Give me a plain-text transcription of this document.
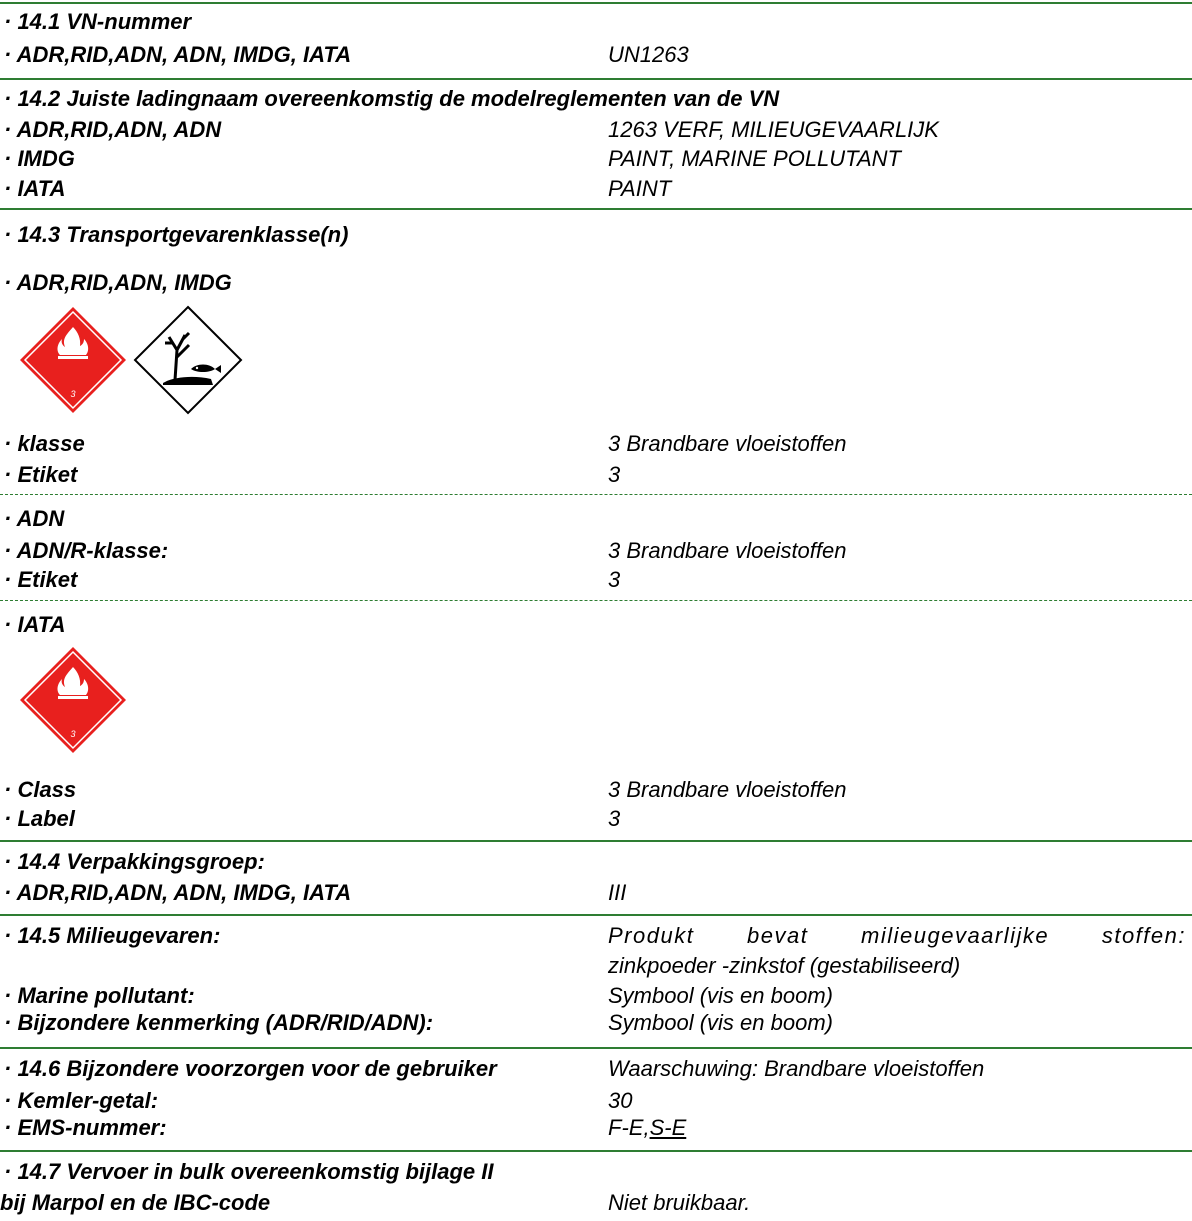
· 14.1 VN-nummer
· ADR,RID,ADN, ADN, IMDG, IATA	UN1263
· 14.2 Juiste ladingnaam overeenkomstig de modelreglementen van de VN
· ADR,RID,ADN, ADN	1263 VERF, MILIEUGEVAARLIJK
· IMDG	PAINT, MARINE POLLUTANT
· IATA	PAINT
· 14.3 Transportgevarenklasse(n)
· ADR,RID,ADN, IMDG
3
· klasse	3 Brandbare vloeistoffen
· Etiket	3
· ADN
· ADN/R-klasse:	3 Brandbare vloeistoffen
· Etiket	3
· IATA
3
· Class	3 Brandbare vloeistoffen
· Label	3
· 14.4 Verpakkingsgroep:
· ADR,RID,ADN, ADN, IMDG, IATA	III
· 14.5 Milieugevaren:	Produkt bevat milieugevaarlijke stoffen:
zinkpoeder -zinkstof (gestabiliseerd)
· Marine pollutant:	Symbool (vis en boom)
· Bijzondere kenmerking (ADR/RID/ADN):	Symbool (vis en boom)
· 14.6 Bijzondere voorzorgen voor de gebruiker	Waarschuwing: Brandbare vloeistoffen
· Kemler-getal:	30
· EMS-nummer:	F-E,S-E
· 14.7 Vervoer in bulk overeenkomstig bijlage II
bij Marpol en de IBC-code	Niet bruikbaar.
